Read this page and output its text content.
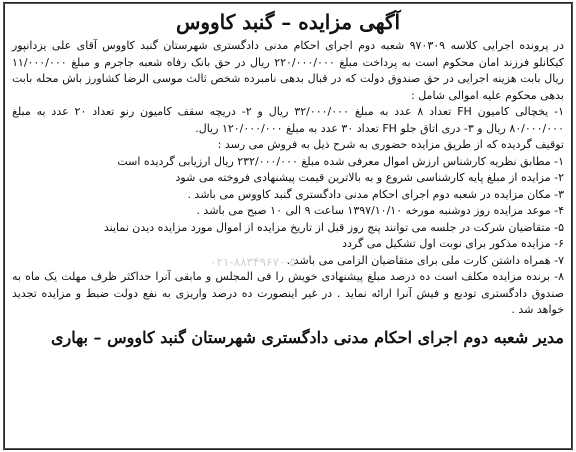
آگهی مزایده – گنبد کاووس

در پرونده اجرایی کلاسه ۹۷۰۳۰۹ شعبه دوم اجرای احکام مدنی دادگستری شهرستان گنبد کاووس آقای علی یزدانپور کیکانلو فرزند امان محکوم است به پرداخت مبلغ ۲۲۰/۰۰۰/۰۰۰ ریال در حق بانک رفاه شعبه جاجرم و مبلغ ۱۱/۰۰۰/۰۰۰ ریال بابت هزینه اجرایی در حق صندوق دولت که در قبال بدهی نامبرده شخص ثالث موسی الرضا کشاورز باش محله بابت بدهی محکوم علیه اموالی شامل :

۱- یخچالی کامیون FH تعداد ۸ عدد به مبلغ ۳۲/۰۰۰/۰۰۰ ریال و ۲- دریچه سقف کامیون رنو تعداد ۲۰ عدد به مبلغ ۸۰/۰۰۰/۰۰۰ ریال و ۳- دری اتاق جلو FH تعداد ۳۰ عدد به مبلغ ۱۲۰/۰۰۰/۰۰۰ ریال.

توقیف گردیده که از طریق مزایده حضوری به شرح ذیل به فروش می رسد :

۱- مطابق نظریه کارشناس ارزش اموال معرفی شده مبلغ ۲۳۲/۰۰۰/۰۰۰ ریال ارزیابی گردیده است
۲- مزایده از مبلغ پایه کارشناسی شروع و به بالاترین قیمت پیشنهادی فروخته می شود
۳- مکان مزایده در شعبه دوم اجرای احکام مدنی دادگستری گنبد کاووس می باشد .
۴- موعد مزایده روز دوشنبه مورخه ۱۳۹۷/۱۰/۱۰ ساعت ۹ الی ۱۰ صبح می باشد .
۵- متقاضیان شرکت در جلسه می توانند پنج روز قبل از تاریخ مزایده از اموال مورد مزایده دیدن نمایند
۶- مزایده مذکور برای نوبت اول تشکیل می گردد
۷- همراه داشتن کارت ملی برای متقاضیان الزامی می باشد .
۸- برنده مزایده مکلف است ده درصد مبلغ پیشنهادی خویش را فی المجلس و مابقی آنرا حداکثر ظرف مهلت یک ماه به صندوق دادگستری تودیع و فیش آنرا ارائه نماید . در غیر اینصورت ده درصد واریزی به نفع دولت ضبط و مزایده تجدید خواهد شد .
مدیر شعبه دوم اجرای احکام مدنی دادگستری شهرستان گنبد کاووس – بهاری
۰۲۱-۸۸۳۴۹۶۷۰-۵
